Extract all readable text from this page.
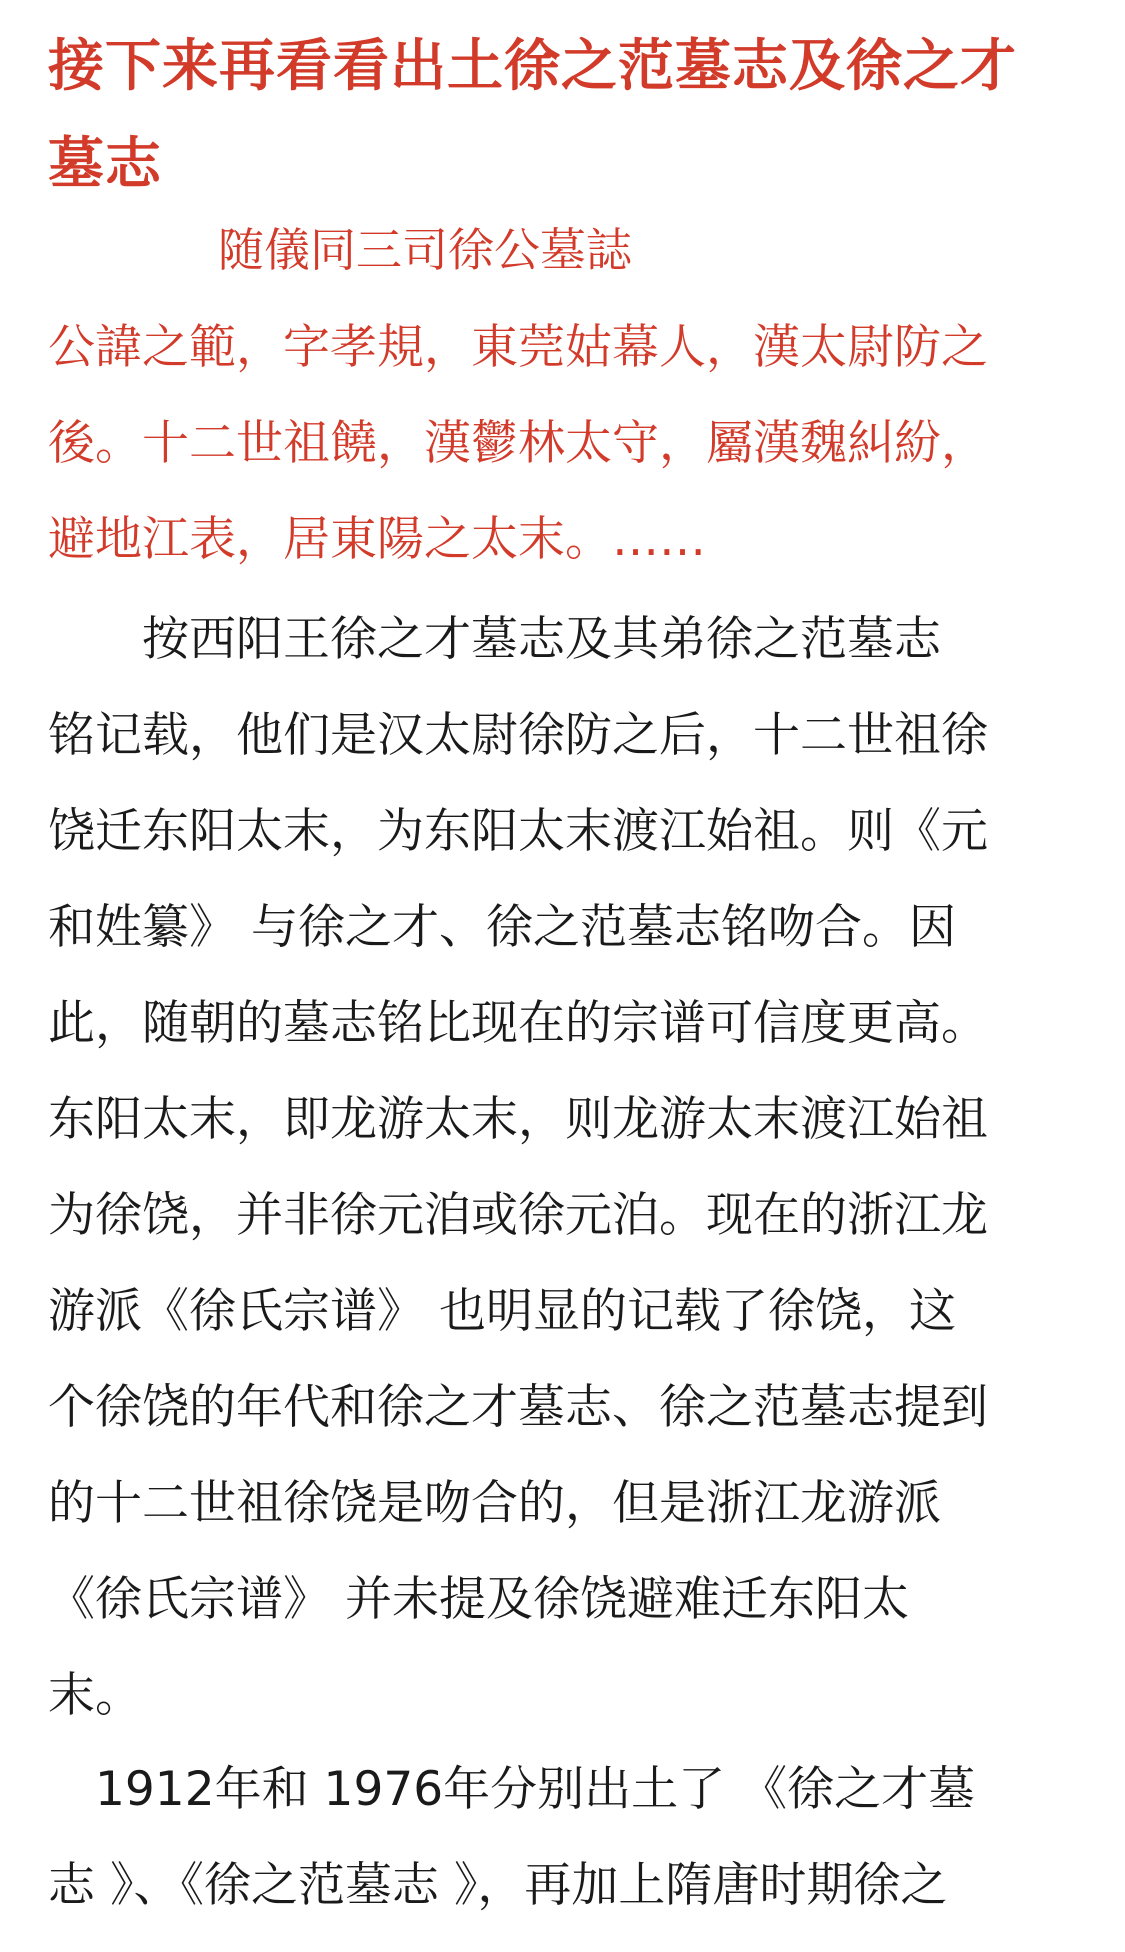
接下来再看看出土徐之范墓志及徐之才
墓志
随儀同三司徐公墓誌
公諱之範，字孝規，東莞姑幕人，漢太尉防之
後。十二世祖饒，漢鬱林太守，屬漢魏糾紛，
避地江表，居東陽之太末。……
　　按西阳王徐之才墓志及其弟徐之范墓志
铭记载，他们是汉太尉徐防之后，十二世祖徐
饶迁东阳太末，为东阳太末渡江始祖。则《元
和姓纂》 与徐之才、徐之范墓志铭吻合。因
此，随朝的墓志铭比现在的宗谱可信度更高。
东阳太末，即龙游太末，则龙游太末渡江始祖
为徐饶，并非徐元洎或徐元泊。现在的浙江龙
游派《徐氏宗谱》 也明显的记载了徐饶，这
个徐饶的年代和徐之才墓志、徐之范墓志提到
的十二世祖徐饶是吻合的，但是浙江龙游派
《徐氏宗谱》 并未提及徐饶避难迁东阳太
末。
　1912年和 1976年分别出土了 《徐之才墓
志 》、《徐之范墓志 》，再加上隋唐时期徐之
